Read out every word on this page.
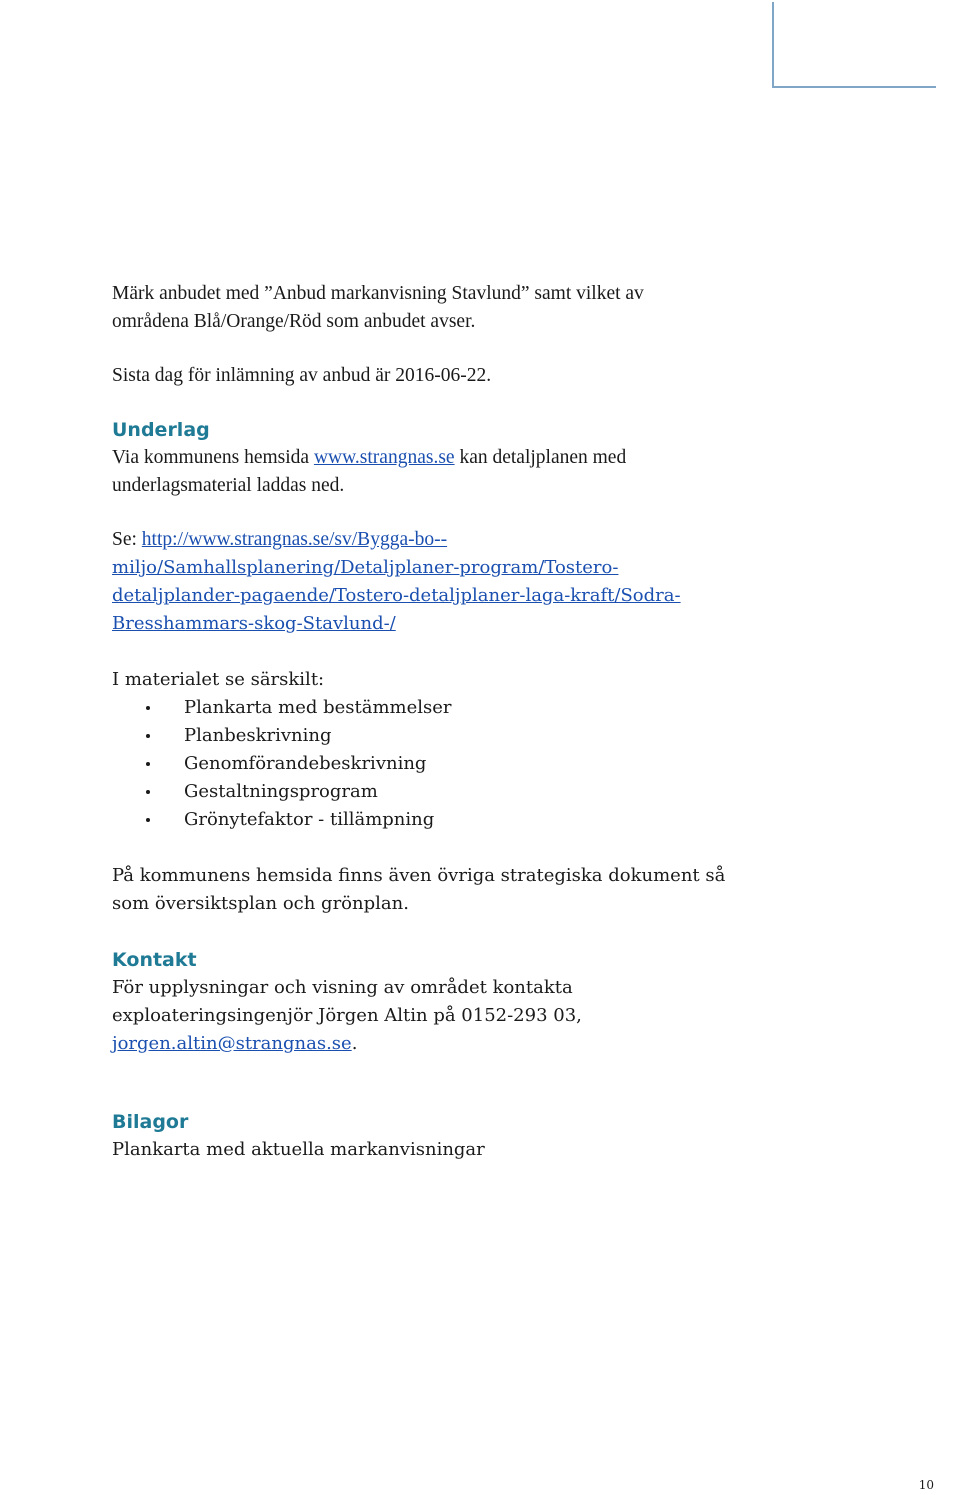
Märk anbudet med ”Anbud markanvisning Stavlund” samt vilket av

områdena Blå/Orange/Röd som anbudet avser.

Sista dag för inlämning av anbud är 2016-06-22.

Underlag

Via kommunens hemsida www.strangnas.se kan detaljplanen med

underlagsmaterial laddas ned.

Se: http://www.strangnas.se/sv/Bygga-bo--

miljo/Samhallsplanering/Detaljplaner-program/Tostero-

detaljplander-pagaende/Tostero-detaljplaner-laga-kraft/Sodra-

Bresshammars-skog-Stavlund-/

I materialet se särskilt:

Plankarta med bestämmelser
Planbeskrivning
Genomförandebeskrivning
Gestaltningsprogram
Grönytefaktor - tillämpning

På kommunens hemsida finns även övriga strategiska dokument så

som översiktsplan och grönplan.

Kontakt

För upplysningar och visning av området kontakta

exploateringsingenjör Jörgen Altin på 0152-293 03,

jorgen.altin@strangnas.se.

Bilagor

Plankarta med aktuella markanvisningar

10
